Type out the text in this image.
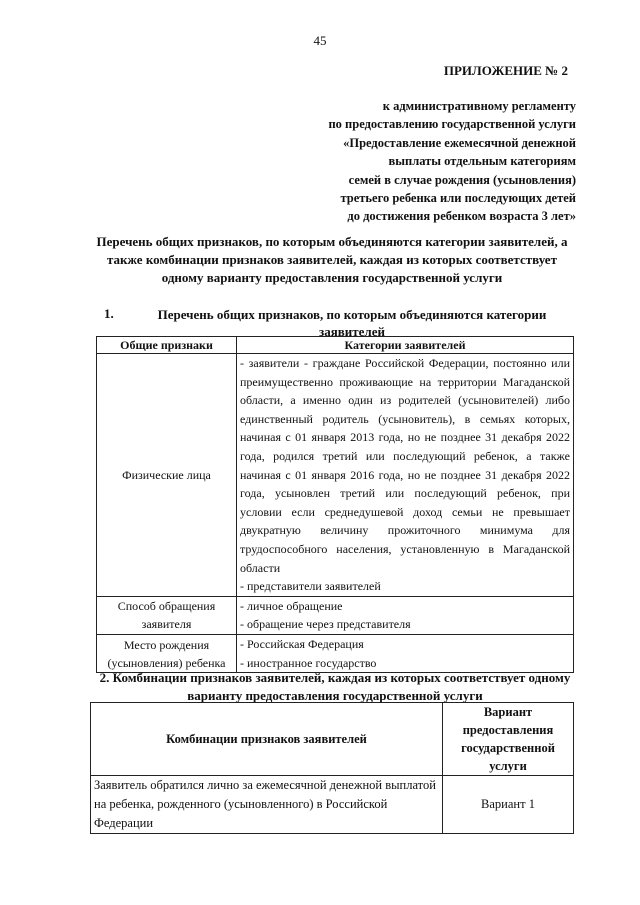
45
ПРИЛОЖЕНИЕ № 2
к административному регламенту
по предоставлению государственной услуги
«Предоставление ежемесячной денежной
выплаты отдельным категориям
семей в случае рождения (усыновления)
третьего ребенка или последующих детей
до достижения ребенком возраста 3 лет»
Перечень общих признаков, по которым объединяются категории заявителей, а также комбинации признаков заявителей, каждая из которых соответствует одному варианту предоставления государственной услуги
1.	Перечень общих признаков, по которым объединяются категории заявителей
Общие признаки	Категории заявителей
Физические лица	- заявители - граждане Российской Федерации, постоянно или преимущественно проживающие на территории Магаданской области, а именно один из родителей (усыновителей) либо единственный родитель (усыновитель), в семьях которых, начиная с 01 января 2013 года, но не позднее 31 декабря 2022 года, родился третий или последующий ребенок, а также начиная с 01 января 2016 года, но не позднее 31 декабря 2022 года, усыновлен третий или последующий ребенок, при условии если среднедушевой доход семьи не превышает двукратную величину прожиточного минимума для трудоспособного населения, установленную в Магаданской области
- представители заявителей

Способ обращения заявителя	- личное обращение
- обращение через представителя

Место рождения (усыновления) ребенка	- Российская Федерация
- иностранное государство
2. Комбинации признаков заявителей, каждая из которых соответствует одному варианту предоставления государственной услуги
Комбинации признаков заявителей	Вариант предоставления государственной услуги
Заявитель обратился лично за ежемесячной денежной выплатой на ребенка, рожденного (усыновленного) в Российской Федерации	Вариант 1
